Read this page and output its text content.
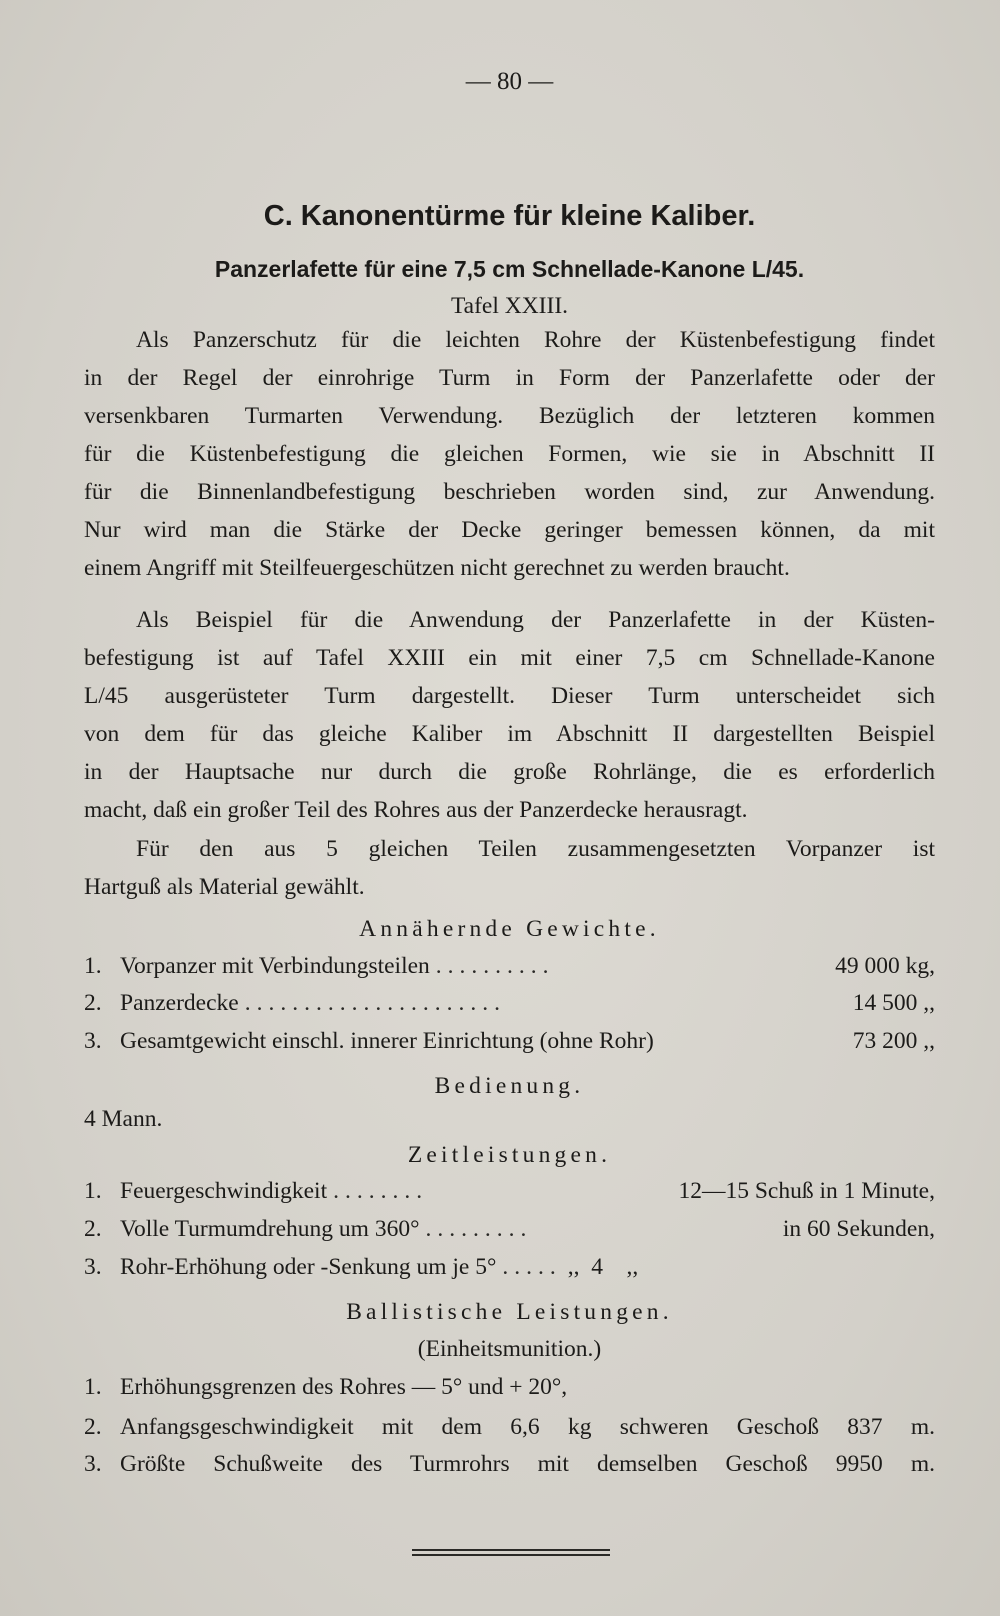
— 80 —
C. Kanonentürme für kleine Kaliber.
Panzerlafette für eine 7,5 cm Schnellade-Kanone L/45.
Tafel XXIII.
Als Panzerschutz für die leichten Rohre der Küstenbefestigung findet
in der Regel der einrohrige Turm in Form der Panzerlafette oder der
versenkbaren Turmarten Verwendung. Bezüglich der letzteren kommen
für die Küstenbefestigung die gleichen Formen, wie sie in Abschnitt II
für die Binnenlandbefestigung beschrieben worden sind, zur Anwendung.
Nur wird man die Stärke der Decke geringer bemessen können, da mit
einem Angriff mit Steilfeuergeschützen nicht gerechnet zu werden braucht.
Als Beispiel für die Anwendung der Panzerlafette in der Küsten-
befestigung ist auf Tafel XXIII ein mit einer 7,5 cm Schnellade-Kanone
L/45 ausgerüsteter Turm dargestellt. Dieser Turm unterscheidet sich
von dem für das gleiche Kaliber im Abschnitt II dargestellten Beispiel
in der Hauptsache nur durch die große Rohrlänge, die es erforderlich
macht, daß ein großer Teil des Rohres aus der Panzerdecke herausragt.
Für den aus 5 gleichen Teilen zusammengesetzten Vorpanzer ist
Hartguß als Material gewählt.
Annähernde Gewichte.
1. Vorpanzer mit Verbindungsteilen ..........	49 000 kg,
2. Panzerdecke ......................	14 500 ,,
3. Gesamtgewicht einschl. innerer Einrichtung (ohne Rohr)	73 200 ,,
Bedienung.
4 Mann.
Zeitleistungen.
1. Feuergeschwindigkeit ........	12—15 Schuß in 1 Minute,
2. Volle Turmumdrehung um 360° .........	in 60 Sekunden,
3. Rohr-Erhöhung oder -Senkung um je 5° ..... ,,  4    ,,
Ballistische Leistungen.
(Einheitsmunition.)
1. Erhöhungsgrenzen des Rohres — 5° und + 20°,
2. Anfangsgeschwindigkeit mit dem 6,6 kg schweren Geschoß 837 m.
3. Größte Schußweite des Turmrohrs mit demselben Geschoß 9950 m.
